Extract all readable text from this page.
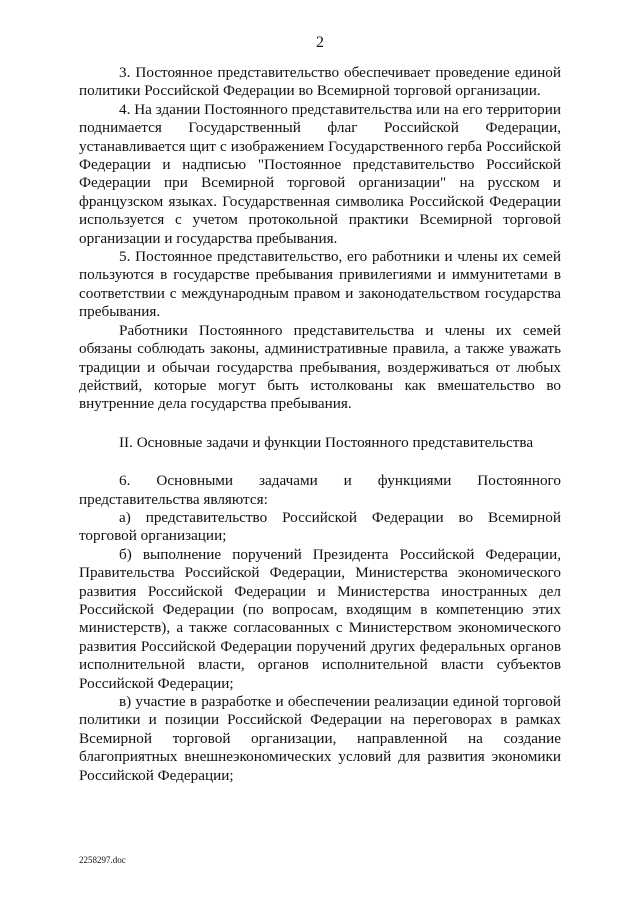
2

3. Постоянное представительство обеспечивает проведение единой политики Российской Федерации во Всемирной торговой организации.

4. На здании Постоянного представительства или на его территории поднимается Государственный флаг Российской Федерации, устанавливается щит с изображением Государственного герба Российской Федерации и надписью "Постоянное представительство Российской Федерации при Всемирной торговой организации" на русском и французском языках. Государственная символика Российской Федерации используется с учетом протокольной практики Всемирной торговой организации и государства пребывания.

5. Постоянное представительство, его работники и члены их семей пользуются в государстве пребывания привилегиями и иммунитетами в соответствии с международным правом и законодательством государства пребывания.

Работники Постоянного представительства и члены их семей обязаны соблюдать законы, административные правила, а также уважать традиции и обычаи государства пребывания, воздерживаться от любых действий, которые могут быть истолкованы как вмешательство во внутренние дела государства пребывания.

II. Основные задачи и функции Постоянного представительства

6. Основными задачами и функциями Постоянного представительства являются:

а) представительство Российской Федерации во Всемирной торговой организации;

б) выполнение поручений Президента Российской Федерации, Правительства Российской Федерации, Министерства экономического развития Российской Федерации и Министерства иностранных дел Российской Федерации (по вопросам, входящим в компетенцию этих министерств), а также согласованных с Министерством экономического развития Российской Федерации поручений других федеральных органов исполнительной власти, органов исполнительной власти субъектов Российской Федерации;

в) участие в разработке и обеспечении реализации единой торговой политики и позиции Российской Федерации на переговорах в рамках Всемирной торговой организации, направленной на создание благоприятных внешнеэкономических условий для развития экономики Российской Федерации;

2258297.doc
